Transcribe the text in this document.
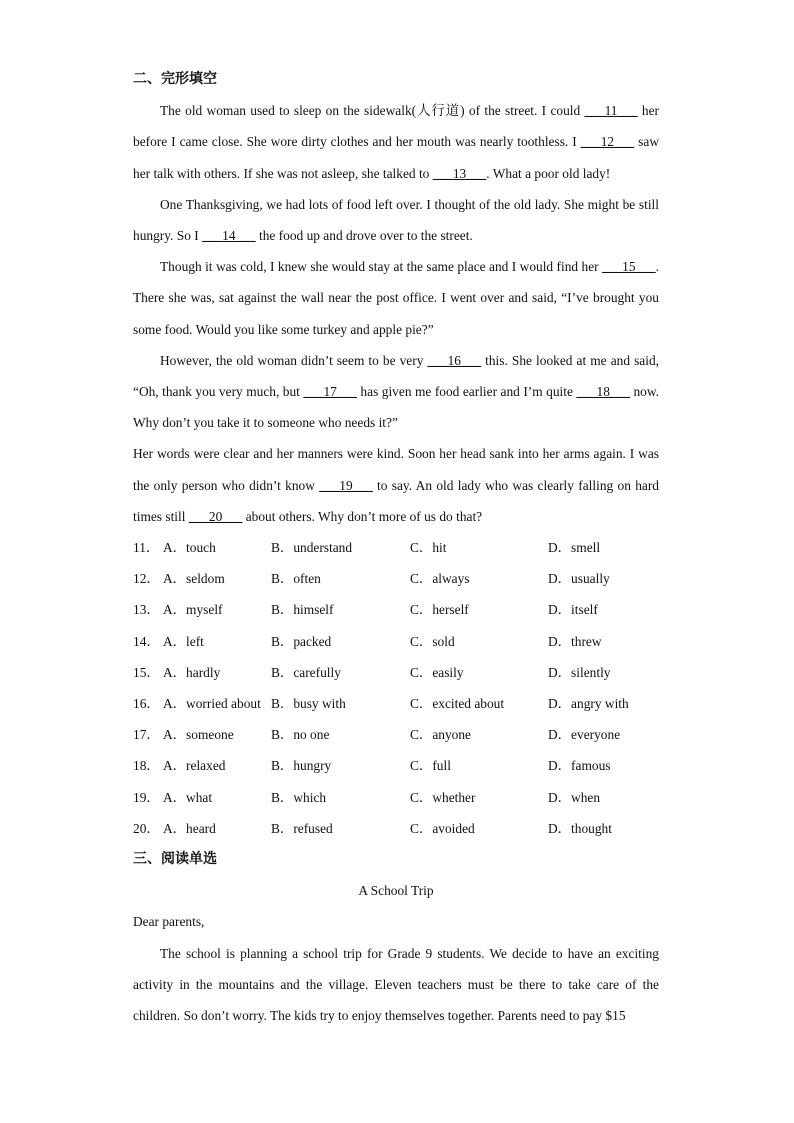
二、完形填空

The old woman used to sleep on the sidewalk(人行道) of the street. I could ___11___ her before I came close. She wore dirty clothes and her mouth was nearly toothless. I ___12___ saw her talk with others. If she was not asleep, she talked to ___13___. What a poor old lady!

One Thanksgiving, we had lots of food left over. I thought of the old lady. She might be still hungry. So I ___14___ the food up and drove over to the street.

Though it was cold, I knew she would stay at the same place and I would find her ___15___. There she was, sat against the wall near the post office. I went over and said, “I’ve brought you some food. Would you like some turkey and apple pie?”

However, the old woman didn’t seem to be very ___16___ this. She looked at me and said, “Oh, thank you very much, but ___17___ has given me food earlier and I’m quite ___18___ now. Why don’t you take it to someone who needs it?”

Her words were clear and her manners were kind. Soon her head sank into her arms again. I was the only person who didn’t know ___19___ to say. An old lady who was clearly falling on hard times still ___20___ about others. Why don’t more of us do that?

11． A．touch	B．understand	C．hit	D．smell
12． A．seldom	B．often	C．always	D．usually
13． A．myself	B．himself	C．herself	D．itself
14． A．left	B．packed	C．sold	D．threw
15． A．hardly	B．carefully	C．easily	D．silently
16． A．worried about B．busy with	C．excited about	D．angry with
17． A．someone	B．no one	C．anyone	D．everyone
18． A．relaxed	B．hungry	C．full	D．famous
19． A．what	B．which	C．whether	D．when
20． A．heard	B．refused	C．avoided	D．thought
三、阅读单选

A School Trip

Dear parents,

The school is planning a school trip for Grade 9 students. We decide to have an exciting activity in the mountains and the village. Eleven teachers must be there to take care of the children. So don’t worry. The kids try to enjoy themselves together. Parents need to pay $15
